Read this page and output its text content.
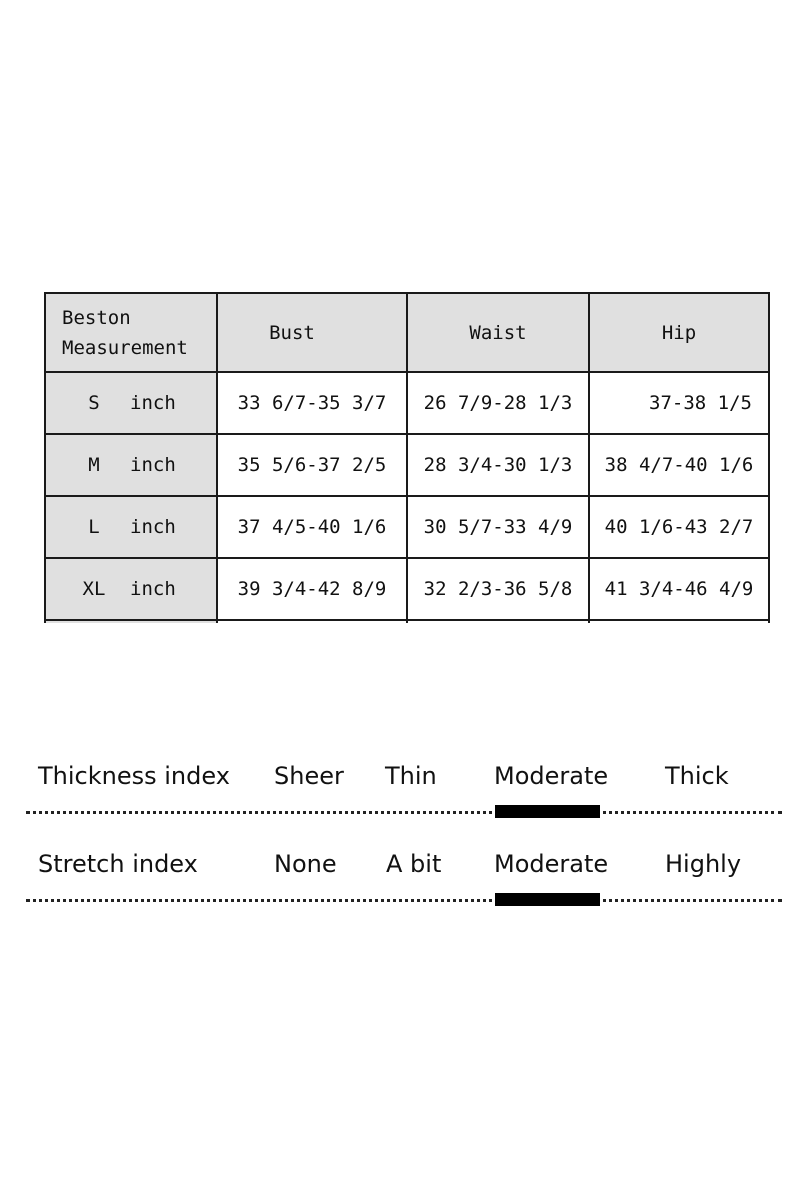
Beston
Measurement	Bust	Waist	Hip
S inch	33 6/7-35 3/7	26 7/9-28 1/3	37-38 1/5
M inch	35 5/6-37 2/5	28 3/4-30 1/3	38 4/7-40 1/6
L inch	37 4/5-40 1/6	30 5/7-33 4/9	40 1/6-43 2/7
XL inch	39 3/4-42 8/9	32 2/3-36 5/8	41 3/4-46 4/9

Thickness index Sheer Thin Moderate Thick
Stretch index	None A bit Moderate Highly
